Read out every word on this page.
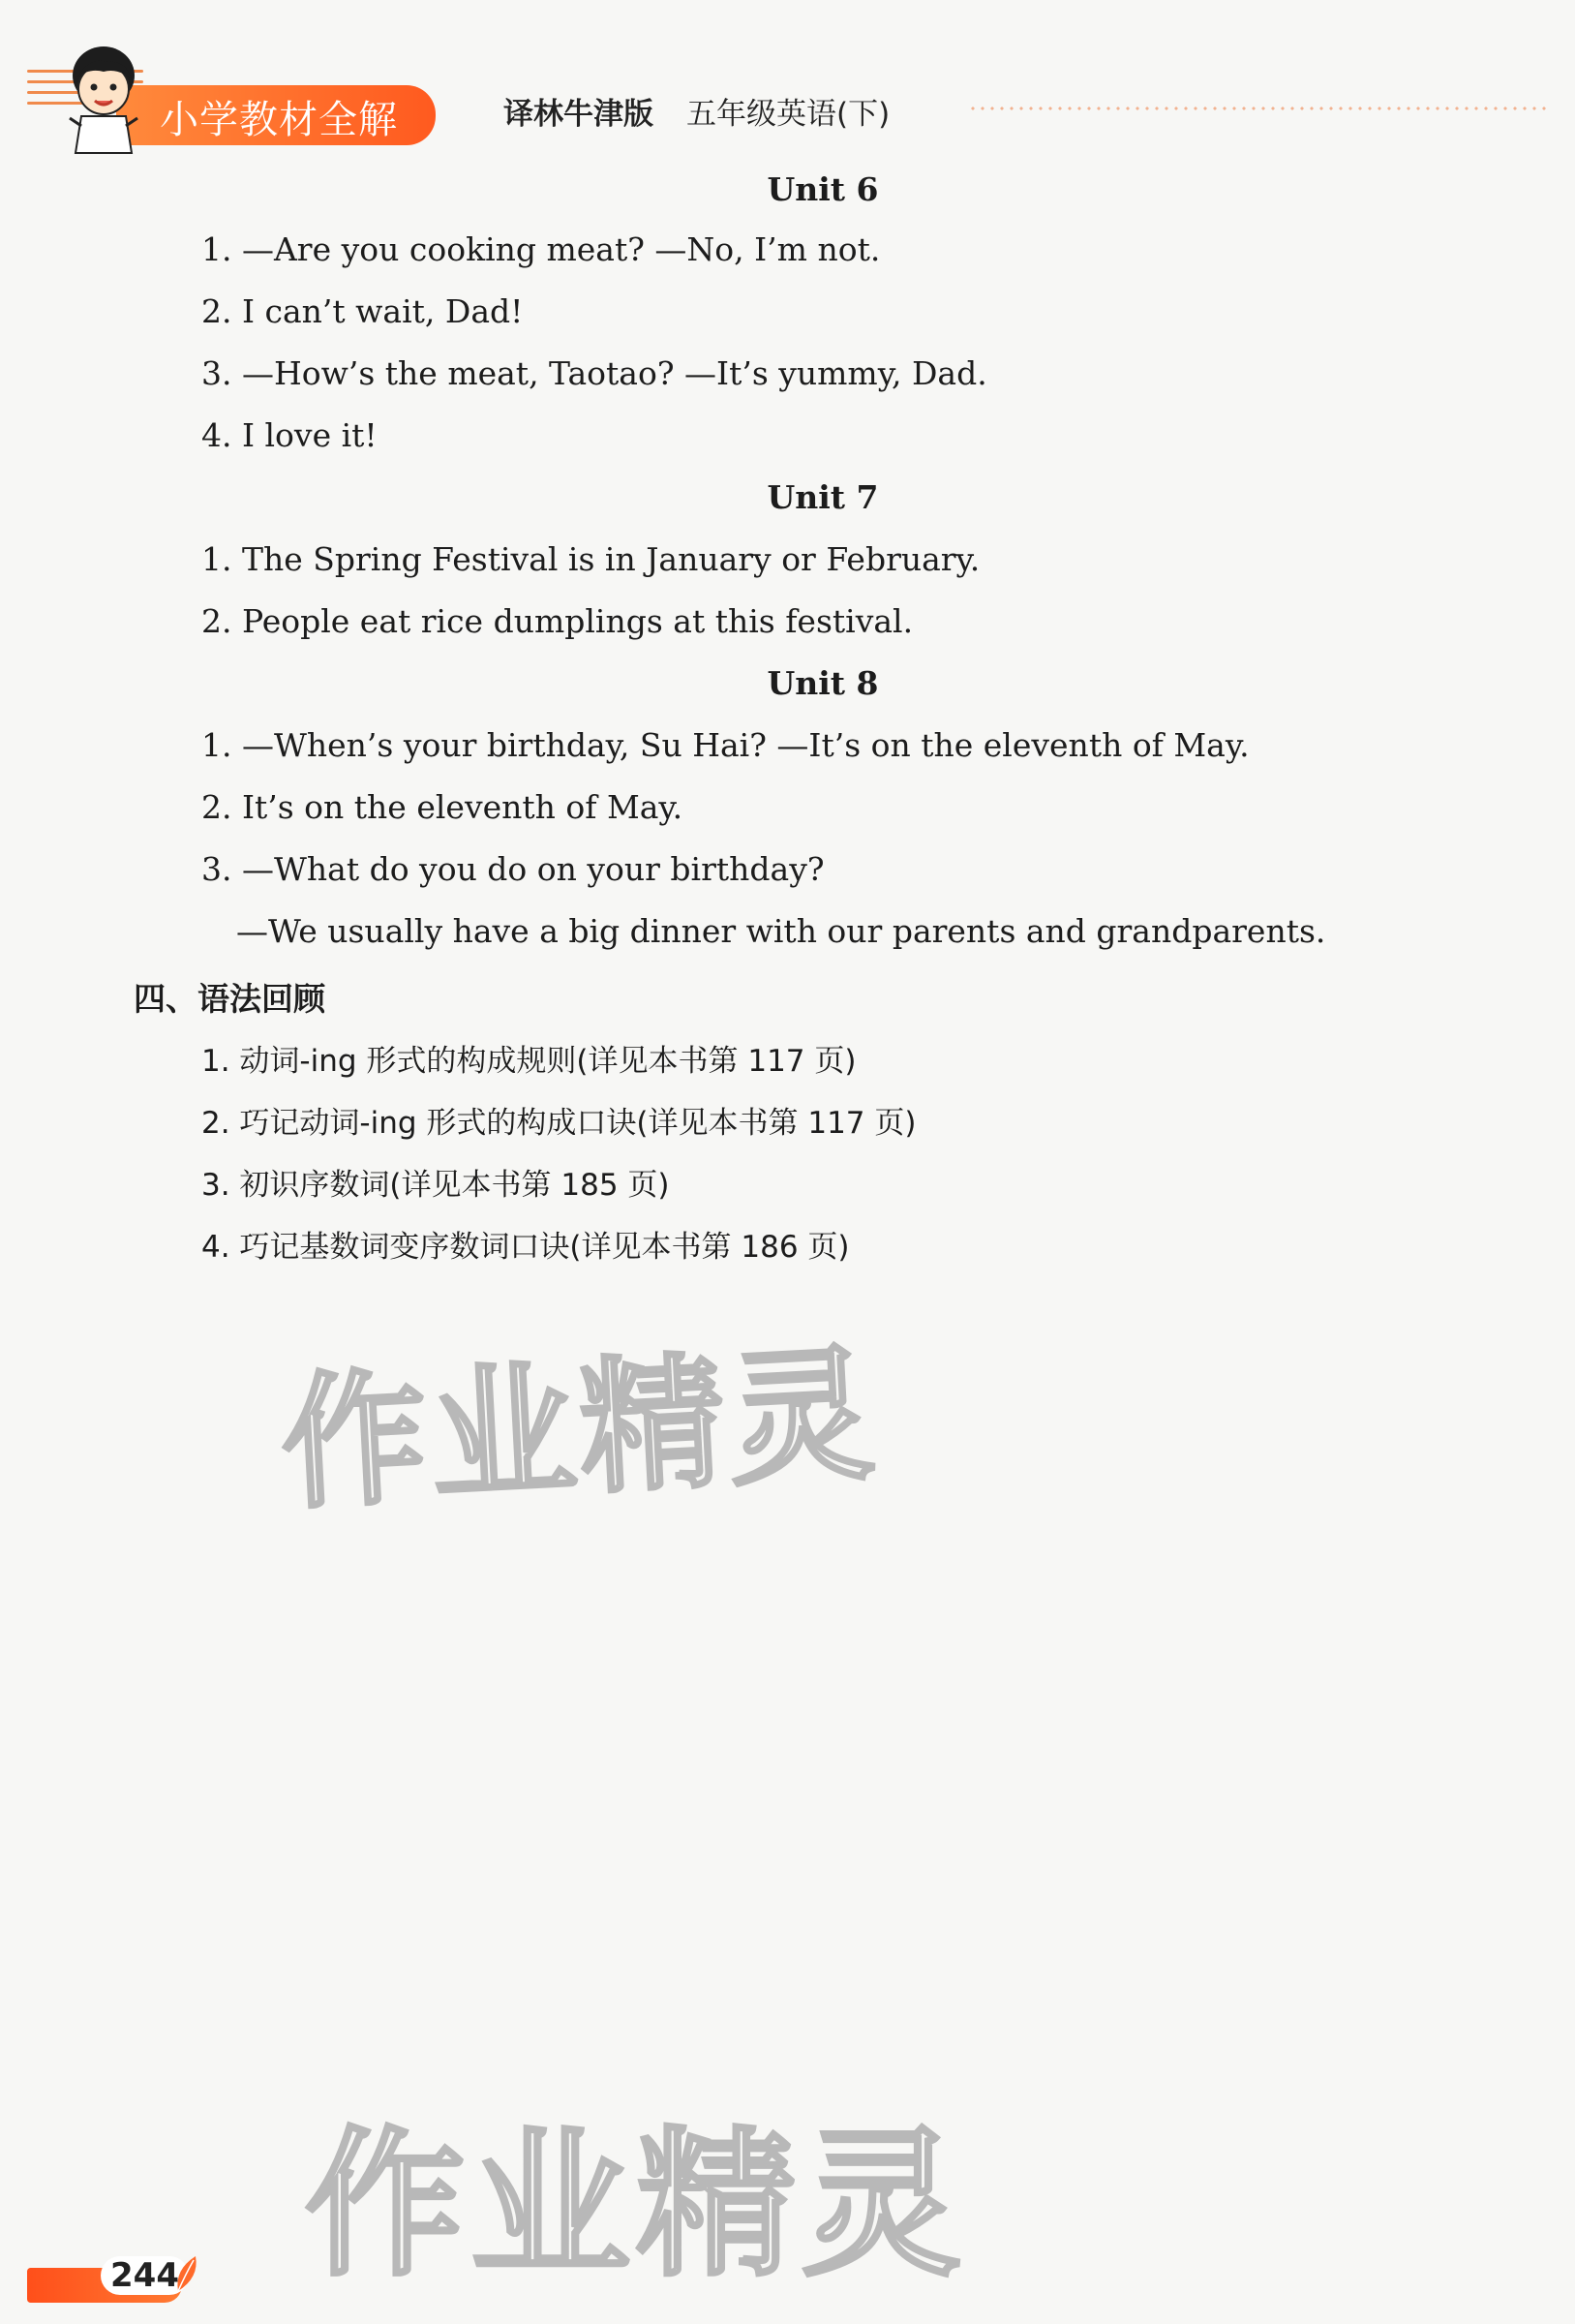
小学教材全解	译林牛津版 五年级英语(下)
Unit 6
1. —Are you cooking meat? —No, I’m not.
2. I can’t wait, Dad!
3. —How’s the meat, Taotao? —It’s yummy, Dad.
4. I love it!
Unit 7
1. The Spring Festival is in January or February.
2. People eat rice dumplings at this festival.
Unit 8
1. —When’s your birthday, Su Hai? —It’s on the eleventh of May.
2. It’s on the eleventh of May.
3. —What do you do on your birthday?
—We usually have a big dinner with our parents and grandparents.
四、语法回顾
1. 动词-ing 形式的构成规则(详见本书第 117 页)
2. 巧记动词-ing 形式的构成口诀(详见本书第 117 页)
3. 初识序数词(详见本书第 185 页)
4. 巧记基数词变序数词口诀(详见本书第 186 页)
作业精灵
作业精灵
244
